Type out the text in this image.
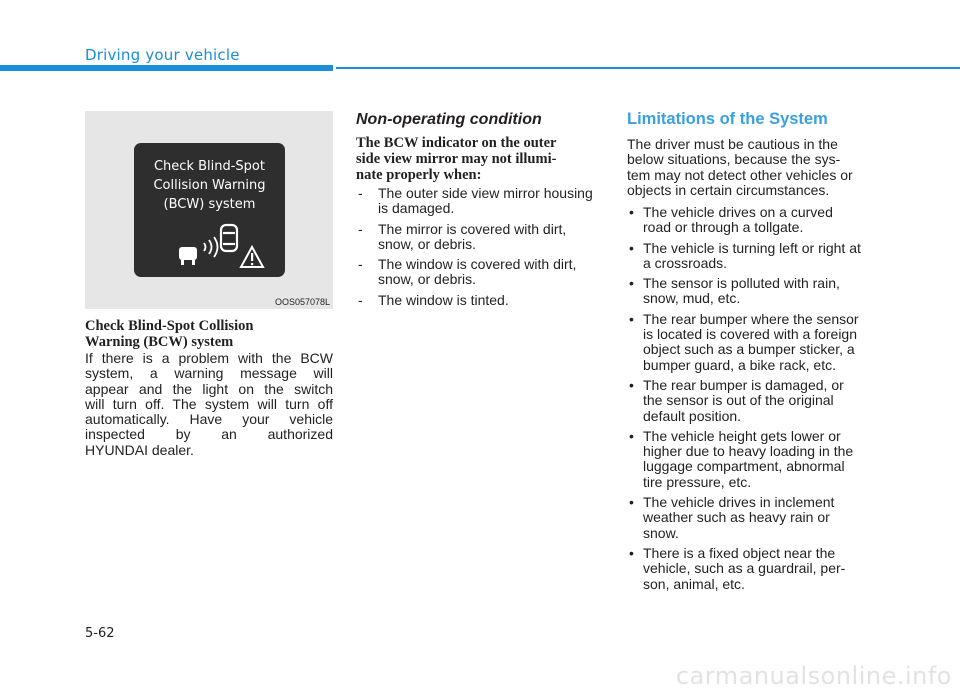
Driving your vehicle
Check Blind-Spot
Collision Warning
(BCW) system
OOS057078L
Check Blind-Spot Collision
Warning (BCW) system
If there is a problem with the BCW
system, a warning message will
appear and the light on the switch
will turn off. The system will turn off
automatically. Have your vehicle
inspected by an authorized
HYUNDAI dealer.
Non-operating condition
The BCW indicator on the outer
side view mirror may not illumi-
nate properly when:
- The outer side view mirror housing
is damaged.
- The mirror is covered with dirt,
snow, or debris.
- The window is covered with dirt,
snow, or debris.
- The window is tinted.
Limitations of the System
The driver must be cautious in the
below situations, because the sys-
tem may not detect other vehicles or
objects in certain circumstances.
• The vehicle drives on a curved
road or through a tollgate.
• The vehicle is turning left or right at
a crossroads.
• The sensor is polluted with rain,
snow, mud, etc.
• The rear bumper where the sensor
is located is covered with a foreign
object such as a bumper sticker, a
bumper guard, a bike rack, etc.
• The rear bumper is damaged, or
the sensor is out of the original
default position.
• The vehicle height gets lower or
higher due to heavy loading in the
luggage compartment, abnormal
tire pressure, etc.
• The vehicle drives in inclement
weather such as heavy rain or
snow.
• There is a fixed object near the
vehicle, such as a guardrail, per-
son, animal, etc.
5-62
carmanualsonline.info
